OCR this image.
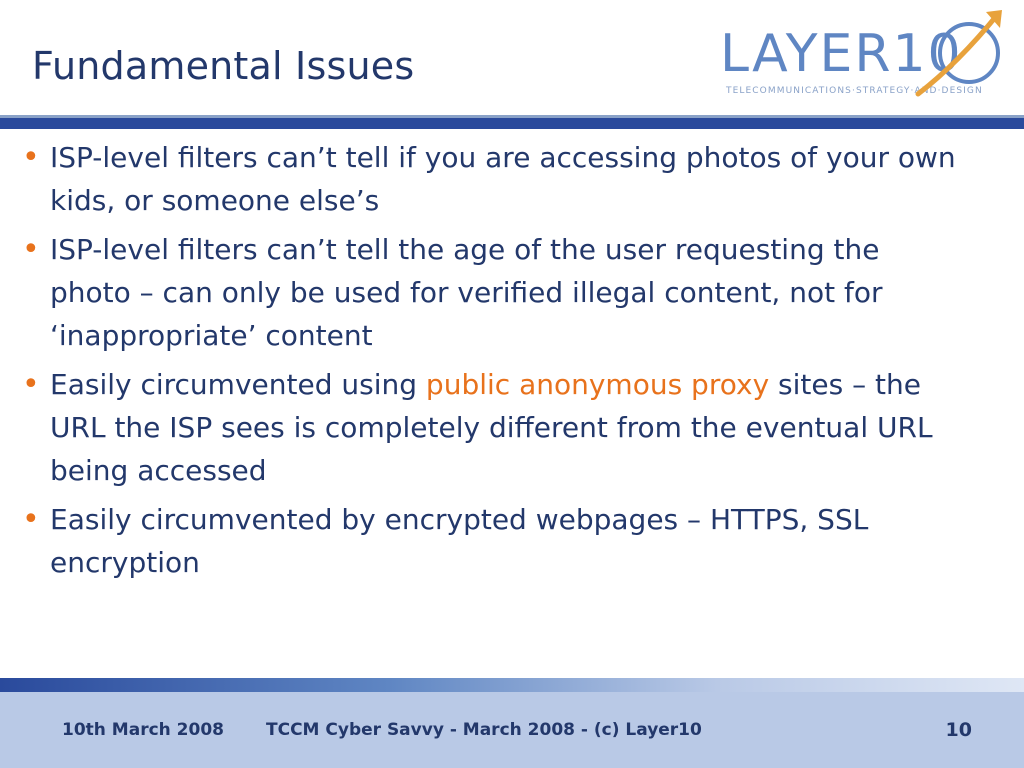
Fundamental Issues	LAYER10
TELECOMMUNICATIONS·STRATEGY·AND·DESIGN
• ISP-level filters can’t tell if you are accessing photos of your own kids, or someone else’s
• ISP-level filters can’t tell the age of the user requesting the photo – can only be used for verified illegal content, not for ‘inappropriate’ content
• Easily circumvented using public anonymous proxy sites – the URL the ISP sees is completely different from the eventual URL being accessed
• Easily circumvented by encrypted webpages – HTTPS, SSL encryption
10th March 2008 TCCM Cyber Savvy - March 2008 - (c) Layer10	10
